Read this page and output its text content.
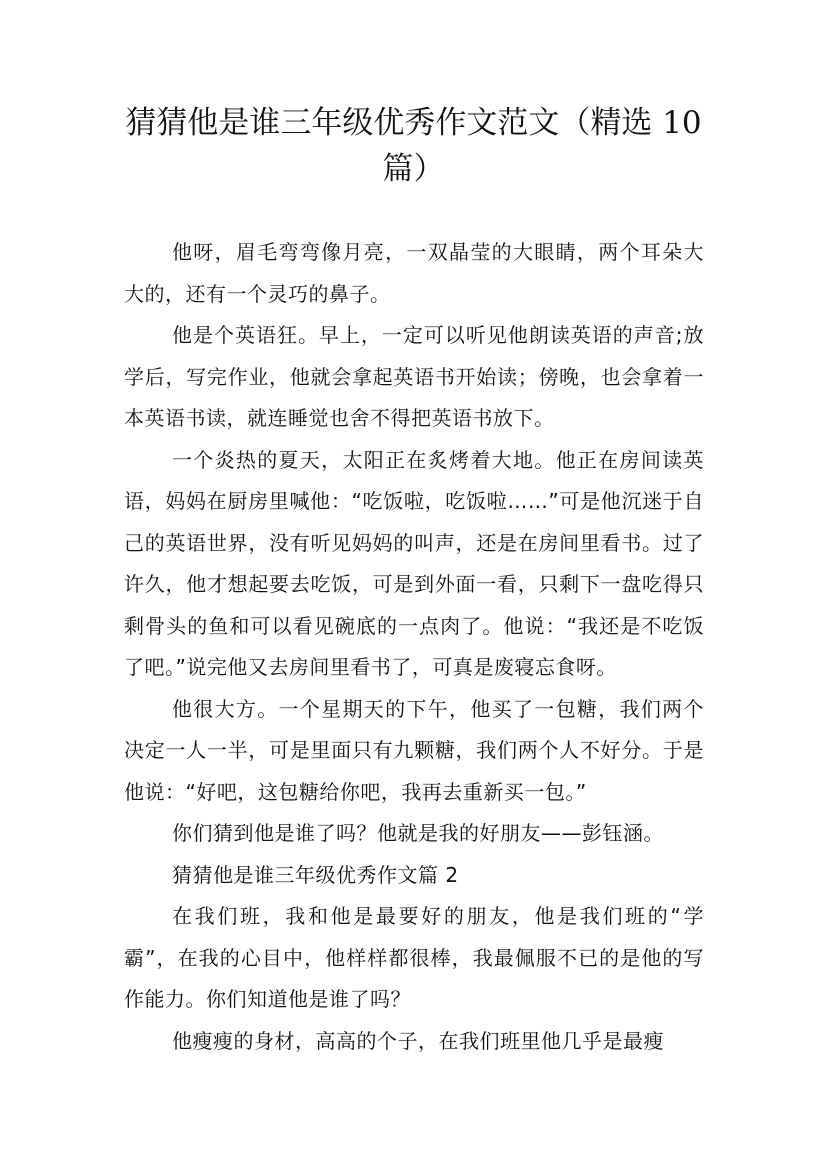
猜猜他是谁三年级优秀作文范文（精选 10 篇）

他呀，眉毛弯弯像月亮，一双晶莹的大眼睛，两个耳朵大大的，还有一个灵巧的鼻子。

他是个英语狂。早上，一定可以听见他朗读英语的声音;放学后，写完作业，他就会拿起英语书开始读；傍晚，也会拿着一本英语书读，就连睡觉也舍不得把英语书放下。

一个炎热的夏天，太阳正在炙烤着大地。他正在房间读英语，妈妈在厨房里喊他：“吃饭啦，吃饭啦……”可是他沉迷于自己的英语世界，没有听见妈妈的叫声，还是在房间里看书。过了许久，他才想起要去吃饭，可是到外面一看，只剩下一盘吃得只剩骨头的鱼和可以看见碗底的一点肉了。他说：“我还是不吃饭了吧。”说完他又去房间里看书了，可真是废寝忘食呀。

他很大方。一个星期天的下午，他买了一包糖，我们两个决定一人一半，可是里面只有九颗糖，我们两个人不好分。于是他说：“好吧，这包糖给你吧，我再去重新买一包。”

你们猜到他是谁了吗？他就是我的好朋友——彭钰涵。

猜猜他是谁三年级优秀作文篇 2

在我们班，我和他是最要好的朋友，他是我们班的“学霸”，在我的心目中，他样样都很棒，我最佩服不已的是他的写作能力。你们知道他是谁了吗？

他瘦瘦的身材，高高的个子，在我们班里他几乎是最瘦
